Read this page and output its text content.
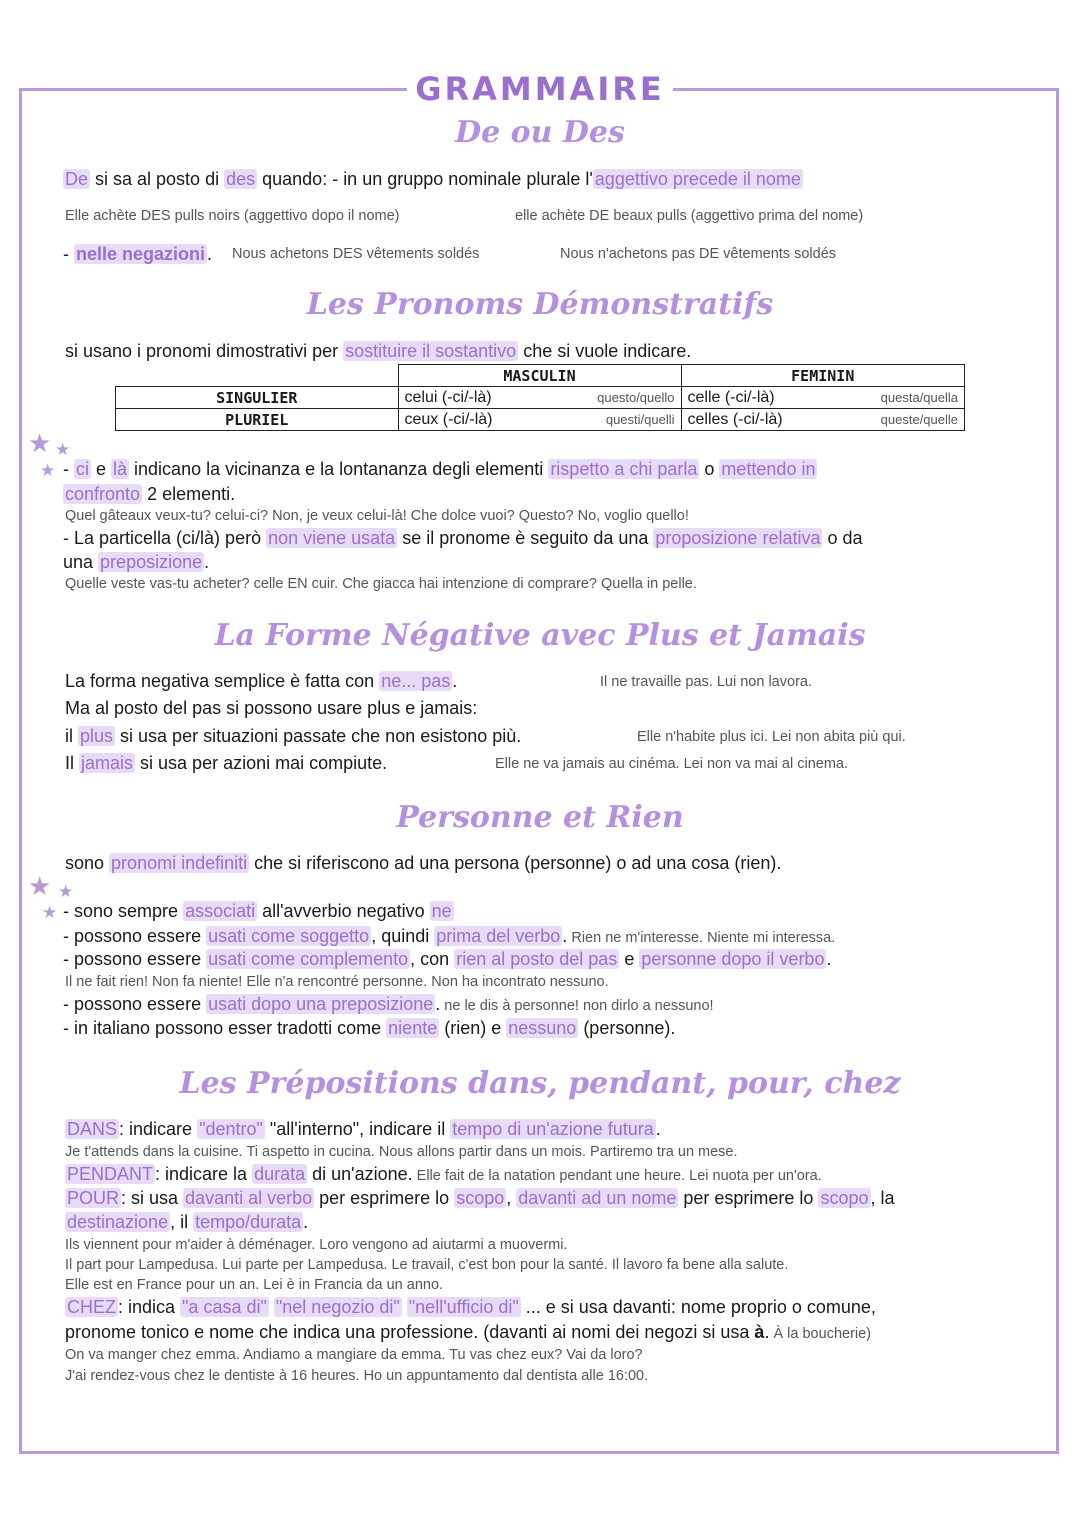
GRAMMAIRE
De ou Des
De si sa al posto di des quando: - in un gruppo nominale plurale l' aggettivo precede il nome
Elle achète DES pulls noirs (aggettivo dopo il nome)	elle achète DE beaux pulls (aggettivo prima del nome)
- nelle negazioni . Nous achetons DES vêtements soldés	Nous n'achetons pas DE vêtements soldés
Les Pronoms Démonstratifs
si usano i pronomi dimostrativi per sostituire il sostantivo che si vuole indicare.
	MASCULIN	FEMININ
SINGULIER	celui (-ci/-là) questo/quello	celle (-ci/-là) questa/quella

PLURIEL	ceux (-ci/-là) questi/quelli	celles (-ci/-là) queste/quelle
★ ★
★ - ci e là indicano la vicinanza e la lontananza degli elementi rispetto a chi parla o mettendo in
confronto 2 elementi.
Quel gâteaux veux-tu? celui-ci? Non, je veux celui-là! Che dolce vuoi? Questo? No, voglio quello!
- La particella (ci/là) però non viene usata se il pronome è seguito da una proposizione relativa o da
una preposizione .
Quelle veste vas-tu acheter? celle EN cuir. Che giacca hai intenzione di comprare? Quella in pelle.
La Forme Négative avec Plus et Jamais
La forma negativa semplice è fatta con ne... pas .	Il ne travaille pas. Lui non lavora.
Ma al posto del pas si possono usare plus e jamais:
il plus si usa per situazioni passate che non esistono più.	Elle n'habite plus ici. Lei non abita più qui.
Il jamais si usa per azioni mai compiute.	Elle ne va jamais au cinéma. Lei non va mai al cinema.
Personne et Rien
sono pronomi indefiniti che si riferiscono ad una persona (personne) o ad una cosa (rien).
★ ★
★ - sono sempre associati all'avverbio negativo ne
- possono essere usati come soggetto , quindi prima del verbo . Rien ne m'interesse. Niente mi interessa.
- possono essere usati come complemento , con rien al posto del pas e personne dopo il verbo .
Il ne fait rien! Non fa niente! Elle n'a rencontré personne. Non ha incontrato nessuno.
- possono essere usati dopo una preposizione . ne le dis à personne! non dirlo a nessuno!
- in italiano possono esser tradotti come niente (rien) e nessuno (personne).
Les Prépositions dans, pendant, pour, chez
DANS : indicare "dentro" "all'interno", indicare il tempo di un'azione futura .
Je t'attends dans la cuisine. Ti aspetto in cucina. Nous allons partir dans un mois. Partiremo tra un mese.
PENDANT : indicare la durata di un'azione. Elle fait de la natation pendant une heure. Lei nuota per un'ora.
POUR : si usa davanti al verbo per esprimere lo scopo , davanti ad un nome per esprimere lo scopo , la
destinazione , il tempo/durata .
Ils viennent pour m'aider à déménager. Loro vengono ad aiutarmi a muovermi.
Il part pour Lampedusa. Lui parte per Lampedusa. Le travail, c'est bon pour la santé. Il lavoro fa bene alla salute.
Elle est en France pour un an. Lei è in Francia da un anno.
CHEZ : indica "a casa di" "nel negozio di" "nell'ufficio di" ... e si usa davanti: nome proprio o comune,
pronome tonico e nome che indica una professione. (davanti ai nomi dei negozi si usa à. À la boucherie)
On va manger chez emma. Andiamo a mangiare da emma. Tu vas chez eux? Vai da loro?
J'ai rendez-vous chez le dentiste à 16 heures. Ho un appuntamento dal dentista alle 16:00.
